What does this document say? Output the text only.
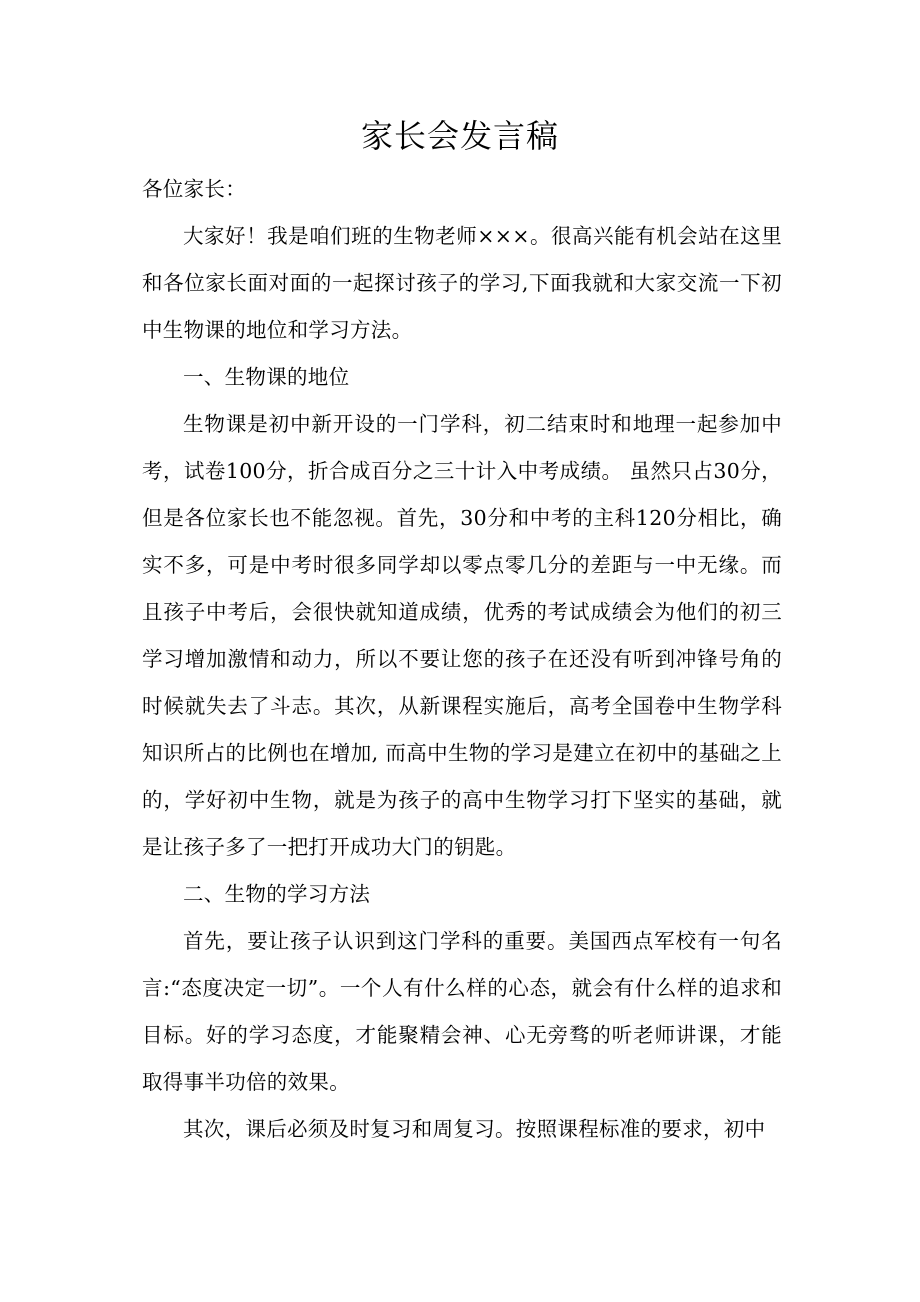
家长会发言稿

各位家长：

大家好！我是咱们班的生物老师×××。很高兴能有机会站在这里和各位家长面对面的一起探讨孩子的学习,下面我就和大家交流一下初中生物课的地位和学习方法。

一、生物课的地位

生物课是初中新开设的一门学科，初二结束时和地理一起参加中考，试卷100分，折合成百分之三十计入中考成绩。 虽然只占30分，但是各位家长也不能忽视。首先，30分和中考的主科120分相比，确实不多，可是中考时很多同学却以零点零几分的差距与一中无缘。而且孩子中考后，会很快就知道成绩，优秀的考试成绩会为他们的初三学习增加激情和动力，所以不要让您的孩子在还没有听到冲锋号角的时候就失去了斗志。其次，从新课程实施后，高考全国卷中生物学科知识所占的比例也在增加, 而高中生物的学习是建立在初中的基础之上的，学好初中生物，就是为孩子的高中生物学习打下坚实的基础，就是让孩子多了一把打开成功大门的钥匙。

二、生物的学习方法

首先，要让孩子认识到这门学科的重要。美国西点军校有一句名言:“态度决定一切”。一个人有什么样的心态，就会有什么样的追求和目标。好的学习态度，才能聚精会神、心无旁骛的听老师讲课，才能取得事半功倍的效果。

其次，课后必须及时复习和周复习。按照课程标准的要求，初中
